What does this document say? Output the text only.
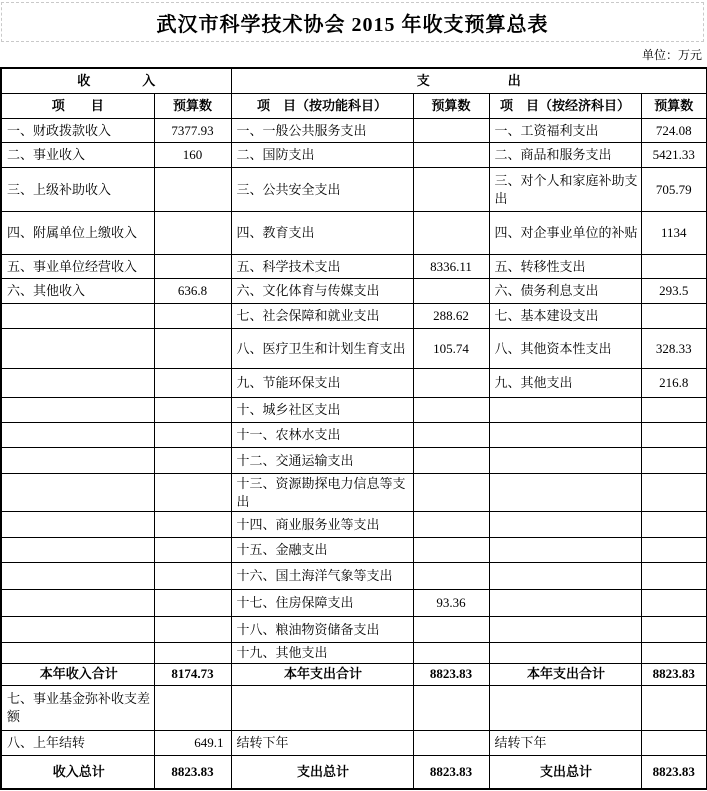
武汉市科学技术协会 2015 年收支预算总表
单位：万元
收　　　　入		支　　　　　　出			
项　　目	预算数	项　目（按功能科目）	预算数	项　目（按经济科目）	预算数
一、财政拨款收入	7377.93	一、一般公共服务支出		一、工资福利支出	724.08
二、事业收入	160	二、国防支出		二、商品和服务支出	5421.33
三、上级补助收入		三、公共安全支出		三、对个人和家庭补助支出	705.79
四、附属单位上缴收入		四、教育支出		四、对企事业单位的补贴	1134
五、事业单位经营收入		五、科学技术支出	8336.11	五、转移性支出	
六、其他收入	636.8	六、文化体育与传媒支出		六、债务利息支出	293.5
		七、社会保障和就业支出	288.62	七、基本建设支出	
		八、医疗卫生和计划生育支出	105.74	八、其他资本性支出	328.33
		九、节能环保支出		九、其他支出	216.8
		十、城乡社区支出			
		十一、农林水支出			
		十二、交通运输支出			
		十三、资源勘探电力信息等支出			
		十四、商业服务业等支出			
		十五、金融支出			
		十六、国土海洋气象等支出			
		十七、住房保障支出	93.36		
		十八、粮油物资储备支出			
		十九、其他支出			
本年收入合计	8174.73	本年支出合计	8823.83	本年支出合计	8823.83
七、事业基金弥补收支差额					
八、上年结转	649.1	结转下年		结转下年	
收入总计	8823.83	支出总计	8823.83	支出总计	8823.83
